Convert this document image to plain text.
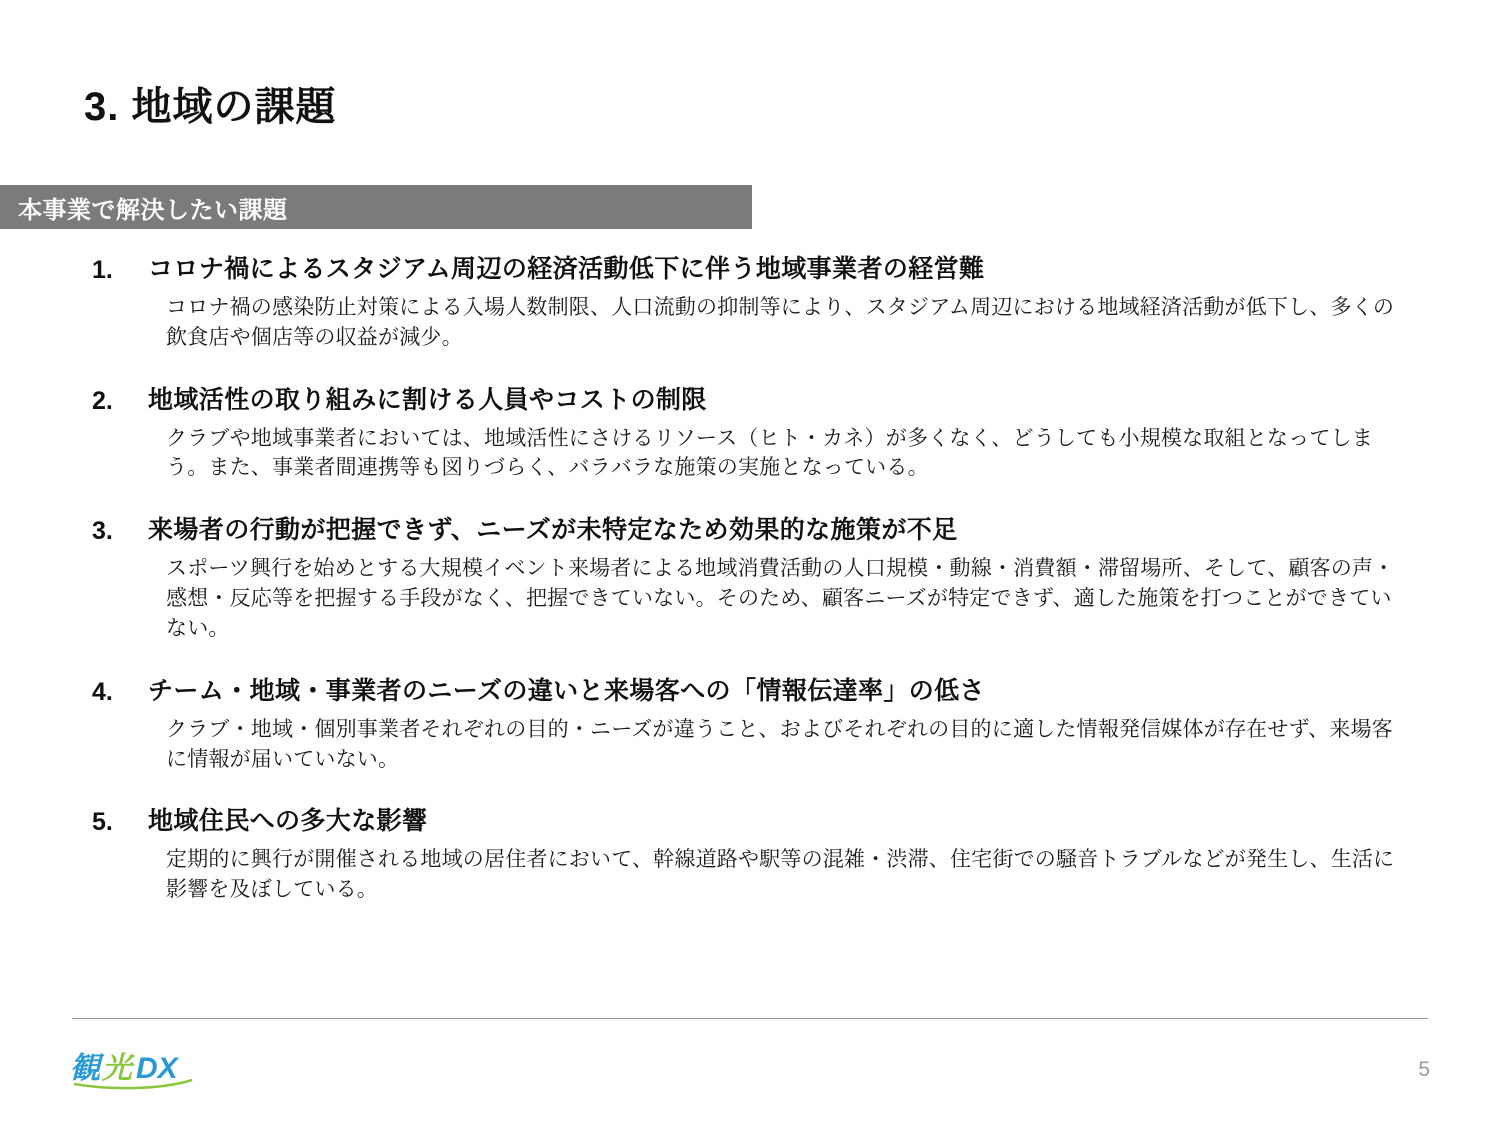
3. 地域の課題
本事業で解決したい課題
1.	コロナ禍によるスタジアム周辺の経済活動低下に伴う地域事業者の経営難
コロナ禍の感染防止対策による入場人数制限、人口流動の抑制等により、スタジアム周辺における地域経済活動が低下し、多くの飲食店や個店等の収益が減少。
2.	地域活性の取り組みに割ける人員やコストの制限
クラブや地域事業者においては、地域活性にさけるリソース（ヒト・カネ）が多くなく、どうしても小規模な取組となってしまう。また、事業者間連携等も図りづらく、バラバラな施策の実施となっている。
3.	来場者の行動が把握できず、ニーズが未特定なため効果的な施策が不足
スポーツ興行を始めとする大規模イベント来場者による地域消費活動の人口規模・動線・消費額・滞留場所、そして、顧客の声・感想・反応等を把握する手段がなく、把握できていない。そのため、顧客ニーズが特定できず、適した施策を打つことができていない。
4.	チーム・地域・事業者のニーズの違いと来場客への「情報伝達率」の低さ
クラブ・地域・個別事業者それぞれの目的・ニーズが違うこと、およびそれぞれの目的に適した情報発信媒体が存在せず、来場客に情報が届いていない。
5.	地域住民への多大な影響
定期的に興行が開催される地域の居住者において、幹線道路や駅等の混雑・渋滞、住宅街での騒音トラブルなどが発生し、生活に影響を及ぼしている。
観 光 DX	5
